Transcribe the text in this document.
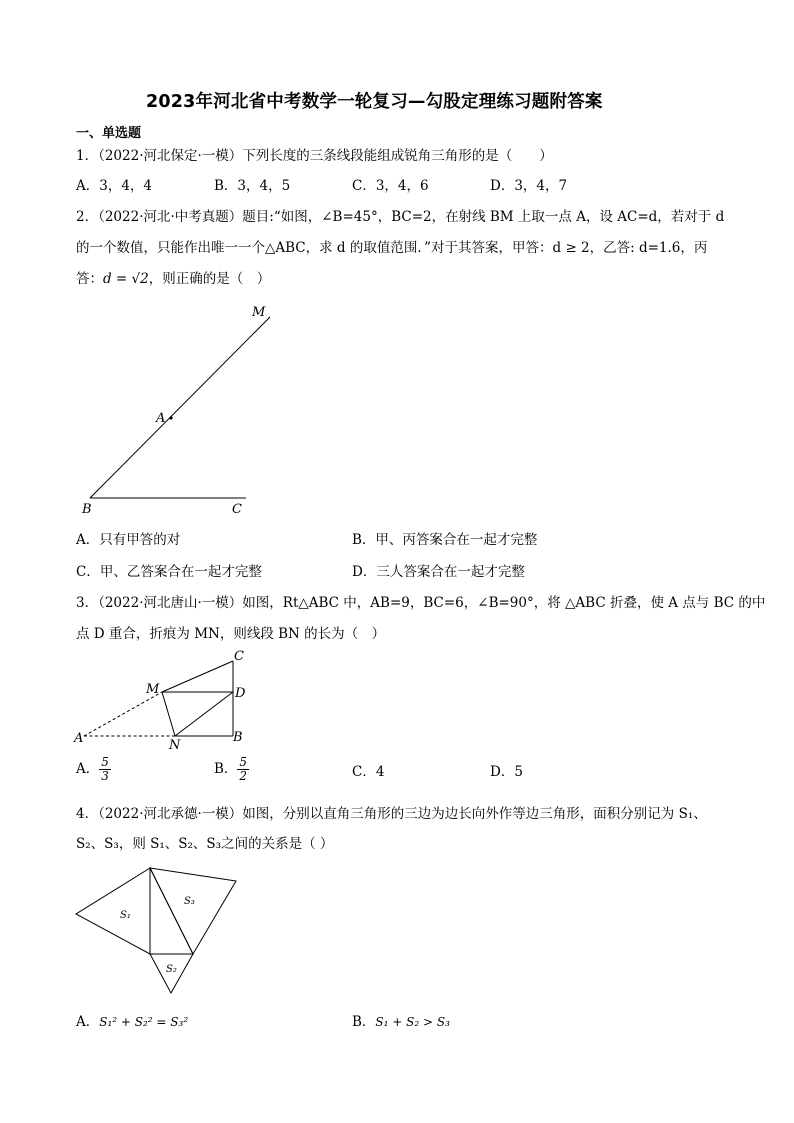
2023年河北省中考数学一轮复习—勾股定理练习题附答案
一、单选题
1．（2022·河北保定·一模）下列长度的三条线段能组成锐角三角形的是（　　）
A．3，4，4	B．3，4，5	C．3，4，6	D．3，4，7
2．（2022·河北·中考真题）题目:“如图，∠B=45°，BC=2，在射线 BM 上取一点 A，设 AC=d，若对于 d
的一个数值，只能作出唯一一个△ABC，求 d 的取值范围．”对于其答案，甲答：d ≥ 2，乙答: d=1.6，丙
答：d = √2，则正确的是（　）
M
A
B	C
A．只有甲答的对	B．甲、丙答案合在一起才完整
C．甲、乙答案合在一起才完整	D．三人答案合在一起才完整
3．（2022·河北唐山·一模）如图，Rt△ABC 中，AB=9，BC=6，∠B=90°，将 △ABC 折叠，使 A 点与 BC 的中
点 D 重合，折痕为 MN，则线段 BN 的长为（　）
C
D
M
A	N
B
A． $\frac{5}{3}$	B． $\frac{5}{2}$	C．4	D．5
4．（2022·河北承德·一模）如图，分别以直角三角形的三边为边长向外作等边三角形，面积分别记为 S₁、
S₂、S₃，则 S₁、S₂、S₃之间的关系是（ ）
S₁
S₂
S₃
A．S₁² + S₂² = S₃²	B．S₁ + S₂ > S₃
